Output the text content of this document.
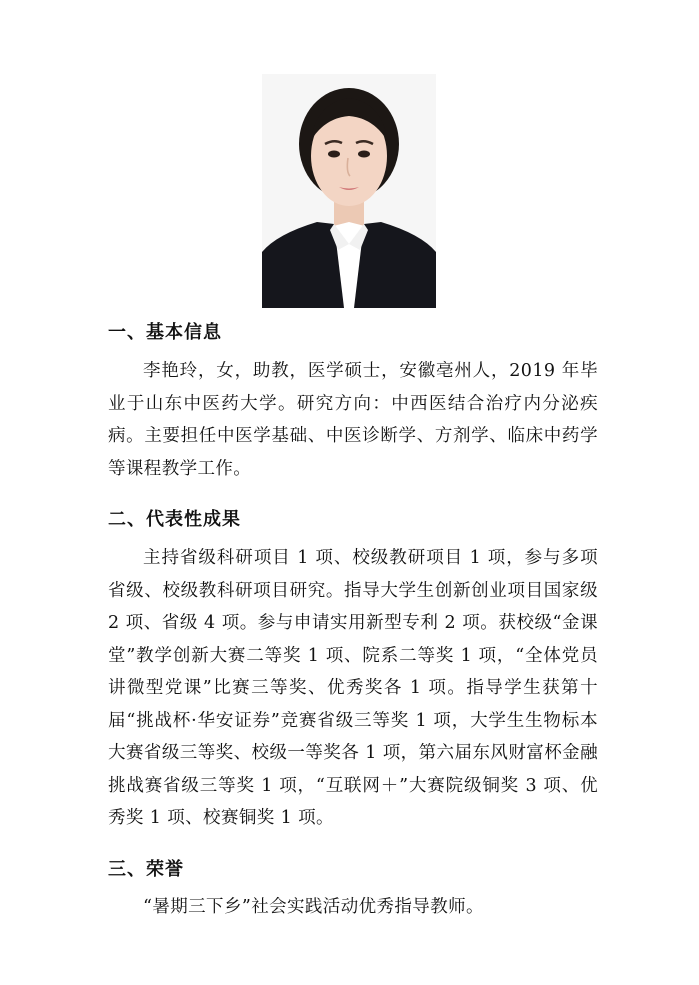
一、基本信息
李艳玲，女，助教，医学硕士，安徽亳州人，2019 年毕业于山东中医药大学。研究方向：中西医结合治疗内分泌疾病。主要担任中医学基础、中医诊断学、方剂学、临床中药学等课程教学工作。
二、代表性成果
主持省级科研项目 1 项、校级教研项目 1 项，参与多项省级、校级教科研项目研究。指导大学生创新创业项目国家级 2 项、省级 4 项。参与申请实用新型专利 2 项。获校级“金课堂”教学创新大赛二等奖 1 项、院系二等奖 1 项，“全体党员讲微型党课”比赛三等奖、优秀奖各 1 项。指导学生获第十届“挑战杯·华安证券”竞赛省级三等奖 1 项，大学生生物标本大赛省级三等奖、校级一等奖各 1 项，第六届东风财富杯金融挑战赛省级三等奖 1 项，“互联网＋”大赛院级铜奖 3 项、优秀奖 1 项、校赛铜奖 1 项。
三、荣誉
“暑期三下乡”社会实践活动优秀指导教师。
